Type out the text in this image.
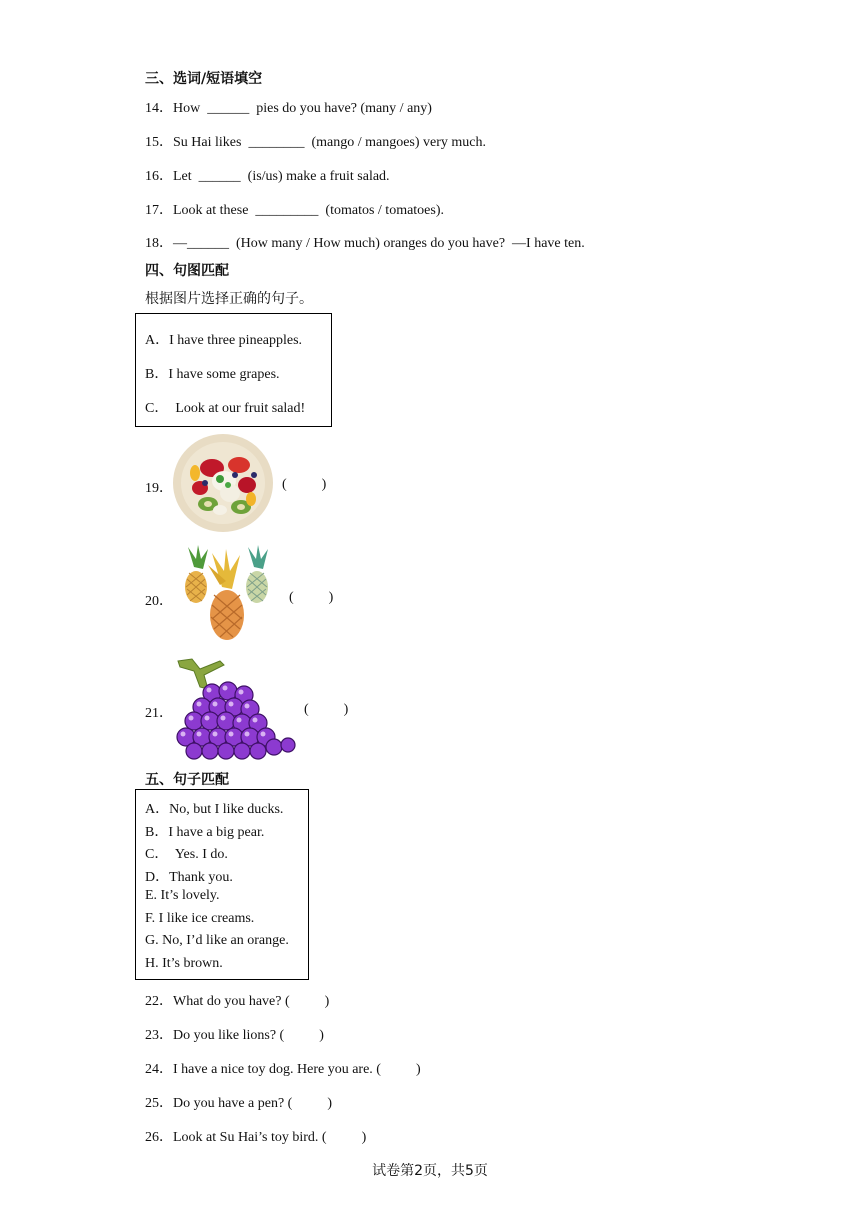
三、选词/短语填空
14．How  ______  pies do you have? (many / any)
15．Su Hai likes  ________  (mango / mangoes) very much.
16．Let  ______  (is/us) make a fruit salad.
17．Look at these  _________  (tomatos / tomatoes).
18．—______  (How many / How much) oranges do you have?  —I have ten.
四、句图匹配
根据图片选择正确的句子。
A．I have three pineapples.
B．I have some grapes.
C．  Look at our fruit salad!
19．	(          )
20．	(          )
21．	(          )
五、句子匹配
A．No, but I like ducks.
B．I have a big pear.
C．  Yes. I do.
D．Thank you.
E. It’s lovely.
F. I like ice creams.
G. No, I’d like an orange.
H. It’s brown.
22．What do you have? (          )
23．Do you like lions? (          )
24．I have a nice toy dog. Here you are. (          )
25．Do you have a pen? (          )
26．Look at Su Hai’s toy bird. (          )
试卷第2页，共5页
